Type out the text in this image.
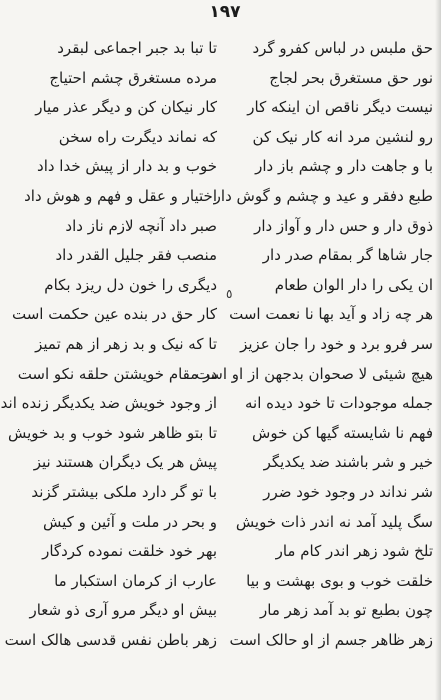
۱۹۷
حق ملبس در لباس کفرو گرد
نور حق مستغرق بحر لجاج
نیست دیگر ناقص ان اینکه کار
رو لنشین مرد انه کار نیک کن
با و جاهت دار و چشم باز دار
طبع دفقر و عید و چشم و گوش دار
ذوق دار و حس دار و آواز دار
جار شاها گر بمقام صدر دار
ان یکی را دار الوان طعام
هر چه زاد و آید بها نا نعمت است
سر فرو برد و خود را جان عزیز
هیچ شیئی لا صحوان بدجهن از او است
جمله موجودات تا خود دیده انه
فهم نا شایسته گیها کن خوش
خیر و شر باشند ضد یکدیگر
شر نداند در وجود خود ضرر
سگ پلید آمد نه اندر ذات خویش
تلخ شود زهر اندر کام مار
خلقت خوب و بوی بهشت و بیا
چون بطبع تو بد آمد زهر مار
زهر ظاهر جسم از او حالک است
تا تبا بد جبر اجماعی لبقرد
مرده مستغرق چشم احتیاج
کار نیکان کن و دیگر عذر میار
که نماند دیگرت راه سخن
خوب و بد دار از پیش خدا داد
اختیار و عقل و فهم و هوش داد
صبر داد آنچه لازم ناز داد
منصب فقر جلیل القدر داد
دیگری را خون دل ریزد بکام
کار حق در بنده عین حکمت است
تا که نیک و بد زهر از هم تمیز
در مقام خویشتن حلقه نکو است
از وجود خویش ضد یکدیگر زنده اند
تا بتو ظاهر شود خوب و بد خویش
پیش هر یک دیگران هستند نیز
با تو گر دارد ملکی بیشتر گزند
و بحر در ملت و آئین و کیش
بهر خود خلقت نموده کردگار
عارب از کرمان استکبار ما
بیش او دیگر مرو آری ذو شعار
زهر باطن نفس قدسی هالک است
٥
